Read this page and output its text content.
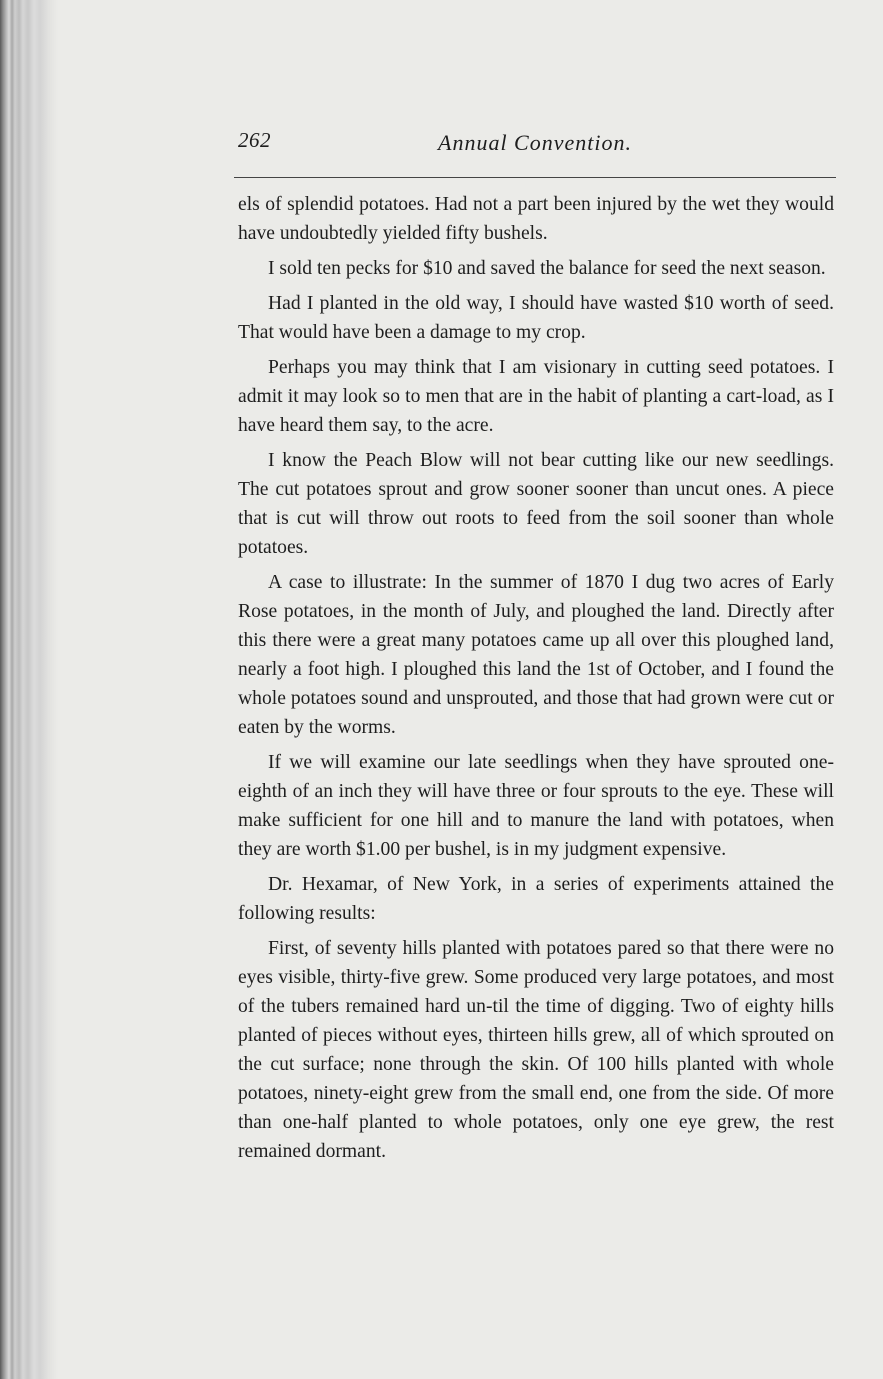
262	Annual Convention.

els of splendid potatoes. Had not a part been injured by the wet they would have undoubtedly yielded fifty bushels.

I sold ten pecks for $10 and saved the balance for seed the next season.

Had I planted in the old way, I should have wasted $10 worth of seed. That would have been a damage to my crop.

Perhaps you may think that I am visionary in cutting seed potatoes. I admit it may look so to men that are in the habit of planting a cart-load, as I have heard them say, to the acre.

I know the Peach Blow will not bear cutting like our new seedlings. The cut potatoes sprout and grow sooner sooner than uncut ones. A piece that is cut will throw out roots to feed from the soil sooner than whole potatoes.

A case to illustrate: In the summer of 1870 I dug two acres of Early Rose potatoes, in the month of July, and ploughed the land. Directly after this there were a great many potatoes came up all over this ploughed land, nearly a foot high. I ploughed this land the 1st of October, and I found the whole potatoes sound and unsprouted, and those that had grown were cut or eaten by the worms.

If we will examine our late seedlings when they have sprouted one-eighth of an inch they will have three or four sprouts to the eye. These will make sufficient for one hill and to manure the land with potatoes, when they are worth $1.00 per bushel, is in my judgment expensive.

Dr. Hexamar, of New York, in a series of experiments attained the following results:

First, of seventy hills planted with potatoes pared so that there were no eyes visible, thirty-five grew. Some produced very large potatoes, and most of the tubers remained hard un-til the time of digging. Two of eighty hills planted of pieces without eyes, thirteen hills grew, all of which sprouted on the cut surface; none through the skin. Of 100 hills planted with whole potatoes, ninety-eight grew from the small end, one from the side. Of more than one-half planted to whole potatoes, only one eye grew, the rest remained dormant.
